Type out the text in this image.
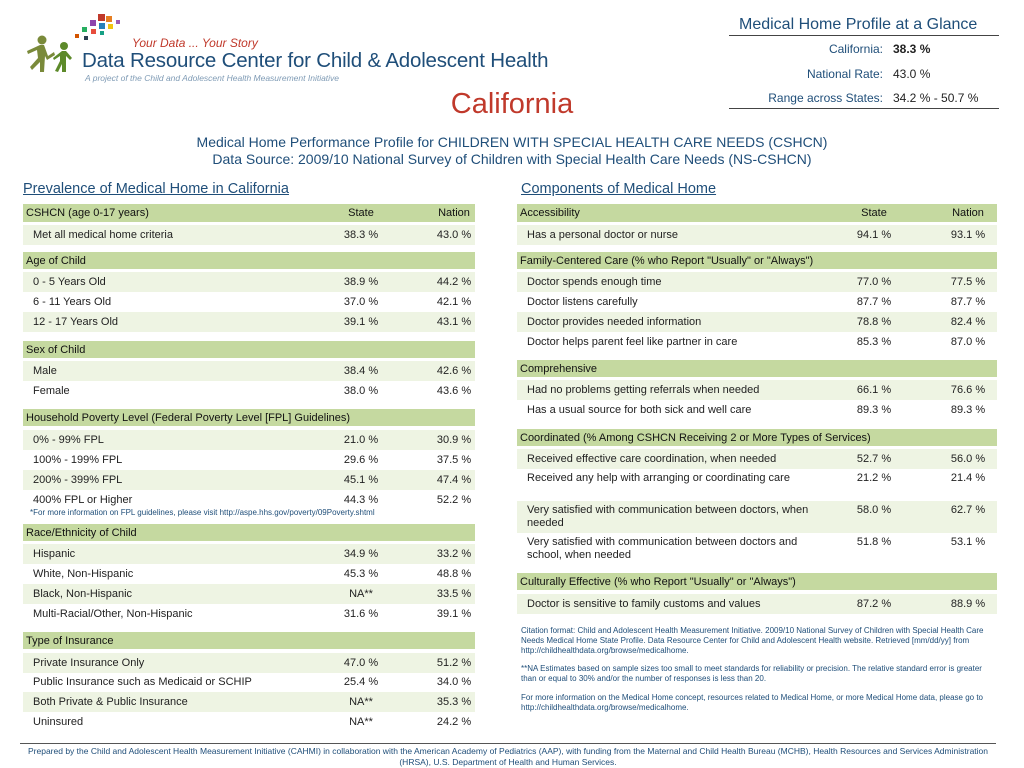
Your Data ... Your Story
Data Resource Center for Child & Adolescent Health
A project of the Child and Adolescent Health Measurement Initiative
California
Medical Home Profile at a Glance
California: 38.3 %
National Rate: 43.0 %
Range across States: 34.2 % - 50.7 %
Medical Home Performance Profile for CHILDREN WITH SPECIAL HEALTH CARE NEEDS (CSHCN)
Data Source: 2009/10 National Survey of Children with Special Health Care Needs (NS-CSHCN)
Prevalence of Medical Home in California	Components of Medical Home
CSHCN (age 0-17 years)	State	Nation
Met all medical home criteria	38.3 %	43.0 %
Age of Child
0 - 5 Years Old	38.9 %	44.2 %
6 - 11 Years Old	37.0 %	42.1 %
12 - 17 Years Old	39.1 %	43.1 %
Sex of Child
Male	38.4 %	42.6 %
Female	38.0 %	43.6 %
Household Poverty Level (Federal Poverty Level [FPL] Guidelines)
0% - 99% FPL	21.0 %	30.9 %
100% - 199% FPL	29.6 %	37.5 %
200% - 399% FPL	45.1 %	47.4 %
400% FPL or Higher	44.3 %	52.2 %
Race/Ethnicity of Child
Hispanic	34.9 %	33.2 %
White, Non-Hispanic	45.3 %	48.8 %
Black, Non-Hispanic	NA**	33.5 %
Multi-Racial/Other, Non-Hispanic	31.6 %	39.1 %
Type of Insurance
Private Insurance Only	47.0 %	51.2 %
Public Insurance such as Medicaid or SCHIP	25.4 %	34.0 %
Both Private & Public Insurance	NA**	35.3 %
Uninsured	NA**	24.2 %
Accessibility	State	Nation
Has a personal doctor or nurse	94.1 %	93.1 %
Family-Centered Care (% who Report "Usually" or "Always")
Doctor spends enough time	77.0 %	77.5 %
Doctor listens carefully	87.7 %	87.7 %
Doctor provides needed information	78.8 %	82.4 %
Doctor helps parent feel like partner in care	85.3 %	87.0 %
Comprehensive
Had no problems getting referrals when needed	66.1 %	76.6 %
Has a usual source for both sick and well care	89.3 %	89.3 %
Coordinated (% Among CSHCN Receiving 2 or More Types of Services)
Received effective care coordination, when needed	52.7 %	56.0 %
Received any help with arranging or coordinating care	21.2 %	21.4 %
Very satisfied with communication between doctors, when needed
58.0 %	62.7 %
Very satisfied with communication between doctors and school, when needed
51.8 %	53.1 %
Culturally Effective (% who Report "Usually" or "Always")
Doctor is sensitive to family customs and values	87.2 %	88.9 %
*For more information on FPL guidelines, please visit http://aspe.hhs.gov/poverty/09Poverty.shtml
Citation format: Child and Adolescent Health Measurement Initiative. 2009/10 National Survey of Children with Special Health Care Needs Medical Home State Profile. Data Resource Center for Child and Adolescent Health website. Retrieved [mm/dd/yy] from http://childhealthdata.org/browse/medicalhome.
**NA Estimates based on sample sizes too small to meet standards for reliability or precision. The relative standard error is greater than or equal to 30% and/or the number of responses is less than 20.
For more information on the Medical Home concept, resources related to Medical Home, or more Medical Home data, please go to http://childhealthdata.org/browse/medicalhome.
Prepared by the Child and Adolescent Health Measurement Initiative (CAHMI) in collaboration with the American Academy of Pediatrics (AAP), with funding from the Maternal and Child Health Bureau (MCHB), Health Resources and Services Administration (HRSA), U.S. Department of Health and Human Services.
